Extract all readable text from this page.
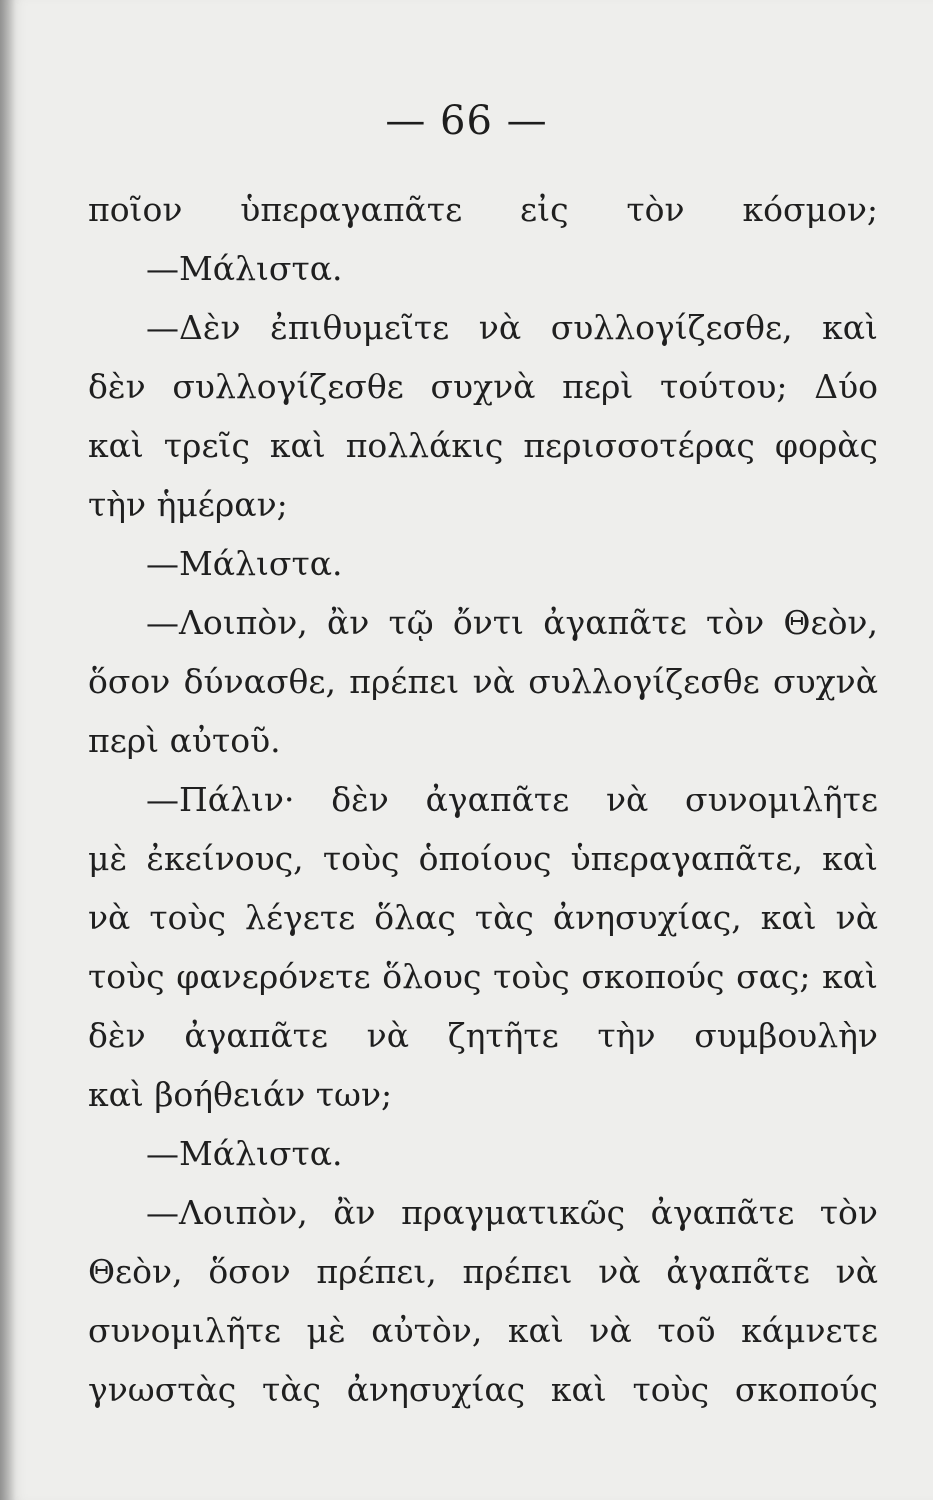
— 66 —
ποῖον ὑπεραγαπᾶτε εἰς τὸν κόσμον;
—Μάλιστα.
—Δὲν ἐπιθυμεῖτε νὰ συλλογίζεσθε, καὶ
δὲν συλλογίζεσθε συχνὰ περὶ τούτου; Δύο
καὶ τρεῖς καὶ πολλάκις περισσοτέρας φορὰς
τὴν ἡμέραν;
—Μάλιστα.
—Λοιπὸν, ἂν τῷ ὄντι ἀγαπᾶτε τὸν Θεὸν,
ὅσον δύνασθε, πρέπει νὰ συλλογίζεσθε συχνὰ
περὶ αὐτοῦ.
—Πάλιν· δὲν ἀγαπᾶτε νὰ συνομιλῆτε
μὲ ἐκείνους, τοὺς ὁποίους ὑπεραγαπᾶτε, καὶ
νὰ τοὺς λέγετε ὅλας τὰς ἀνησυχίας, καὶ νὰ
τοὺς φανερόνετε ὅλους τοὺς σκοπούς σας; καὶ
δὲν ἀγαπᾶτε νὰ ζητῆτε τὴν συμβουλὴν
καὶ βοήθειάν των;
—Μάλιστα.
—Λοιπὸν, ἂν πραγματικῶς ἀγαπᾶτε τὸν
Θεὸν, ὅσον πρέπει, πρέπει νὰ ἀγαπᾶτε νὰ
συνομιλῆτε μὲ αὐτὸν, καὶ νὰ τοῦ κάμνετε
γνωστὰς τὰς ἀνησυχίας καὶ τοὺς σκοπούς
